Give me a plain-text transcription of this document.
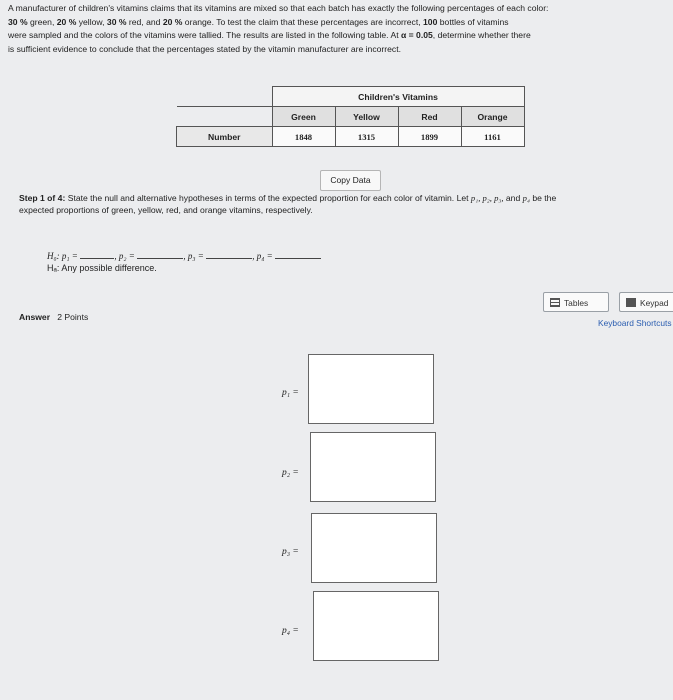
A manufacturer of children's vitamins claims that its vitamins are mixed so that each batch has exactly the following percentages of each color:
30 % green, 20 % yellow, 30 % red, and 20 % orange. To test the claim that these percentages are incorrect, 100 bottles of vitamins
were sampled and the colors of the vitamins were tallied. The results are listed in the following table. At α = 0.05, determine whether there
is sufficient evidence to conclude that the percentages stated by the vitamin manufacturer are incorrect.
	Children's Vitamins			
	Green	Yellow	Red	Orange
Number	1848	1315	1899	1161
Copy Data
Step 1 of 4: State the null and alternative hypotheses in terms of the expected proportion for each color of vitamin. Let p₁, p₂, p₃, and p₄ be the
expected proportions of green, yellow, red, and orange vitamins, respectively.
H₀: p₁ =	, p₂ =	, p₃ =	, p₄ =
Hₐ: Any possible difference.
Answer 2 Points
Tables	Keypad
Keyboard Shortcuts
p₁ =
p₂ =
p₃ =
p₄ =
